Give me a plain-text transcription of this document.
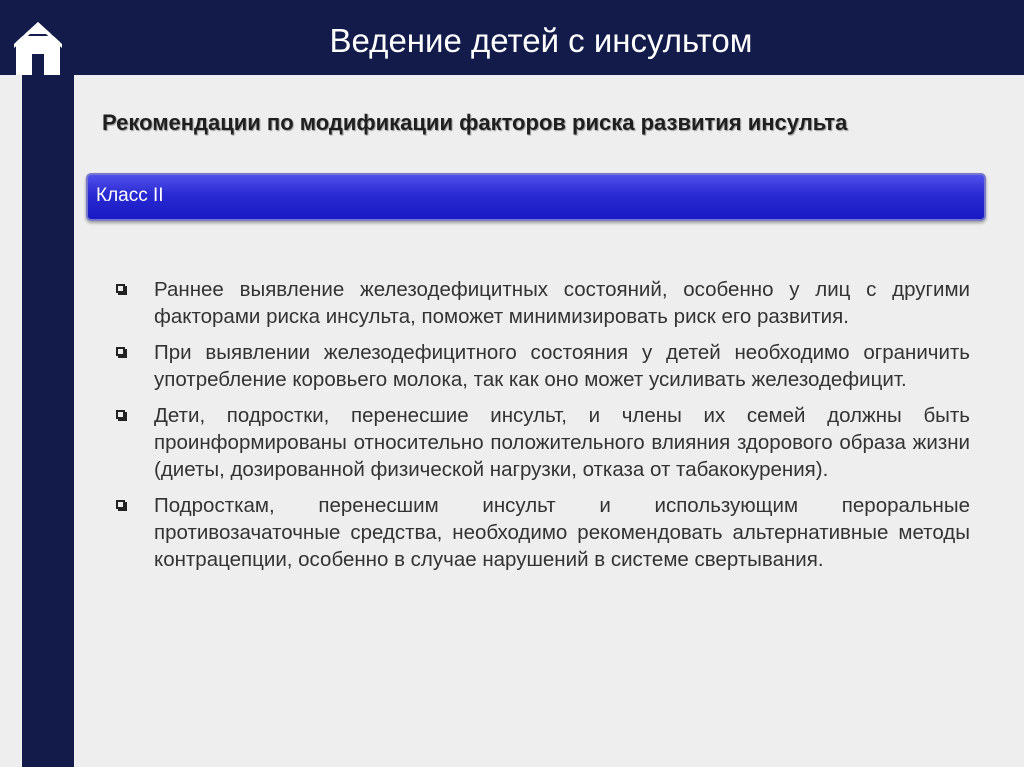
Ведение детей с инсультом
Рекомендации по модификации факторов риска развития инсульта
Класс II
Раннее выявление железодефицитных состояний, особенно у лиц с другими факторами риска инсульта, поможет минимизировать риск его развития.
При выявлении железодефицитного состояния у детей необходимо ограничить употребление коровьего молока, так как оно может усиливать железодефицит.
Дети, подростки, перенесшие инсульт, и члены их семей должны быть проинформированы относительно положительного влияния здорового образа жизни (диеты, дозированной физической нагрузки, отказа от табакокурения).
Подросткам, перенесшим инсульт и использующим пероральные противозачаточные средства, необходимо рекомендовать альтернативные методы контрацепции, особенно в случае нарушений в системе свертывания.
